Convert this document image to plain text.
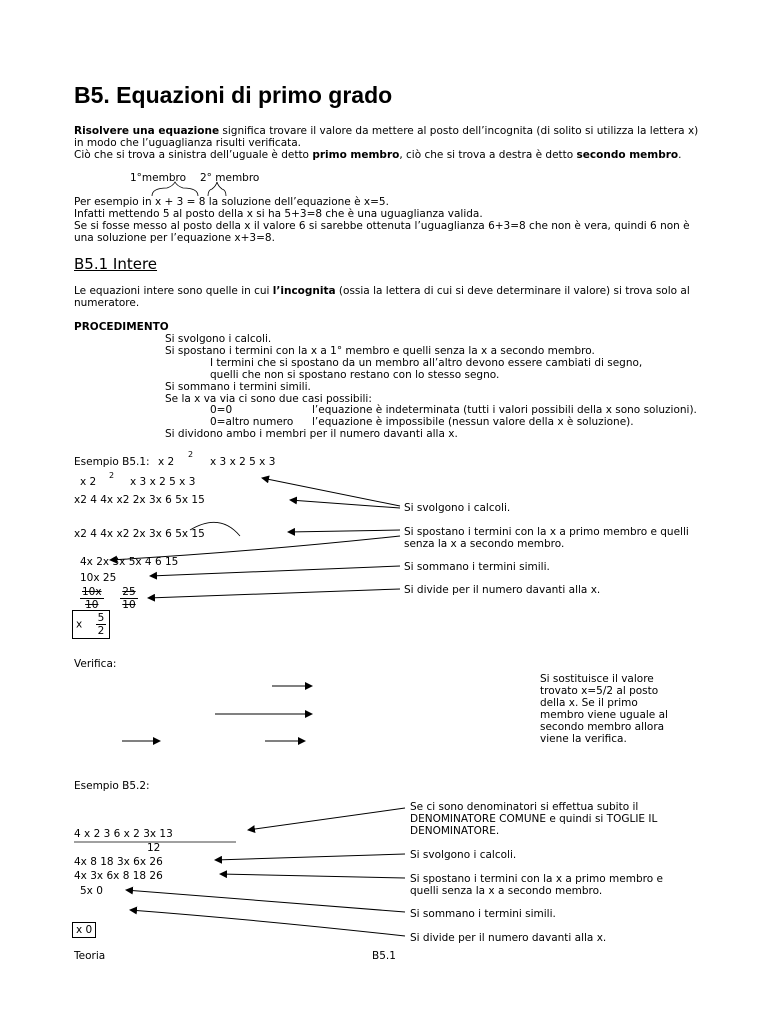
B5. Equazioni di primo grado
Risolvere una equazione significa trovare il valore da mettere al posto dell’incognita (di solito si utilizza la lettera x) in modo che l’uguaglianza risulti verificata.
Ciò che si trova a sinistra dell’uguale è detto primo membro, ciò che si trova a destra è detto secondo membro.
1°membro 2° membro
Per esempio in x + 3 = 8 la soluzione dell’equazione è x=5.
Infatti mettendo 5 al posto della x si ha 5+3=8 che è una uguaglianza valida.
Se si fosse messo al posto della x il valore 6 si sarebbe ottenuta l’uguaglianza 6+3=8 che non è vera, quindi 6 non è una soluzione per l’equazione x+3=8.
B5.1 Intere
Le equazioni intere sono quelle in cui l’incognita (ossia la lettera di cui si deve determinare il valore) si trova solo al numeratore.
PROCEDIMENTO
Si svolgono i calcoli.
Si spostano i termini con la x a 1° membro e quelli senza la x a secondo membro.
I termini che si spostano da un membro all’altro devono essere cambiati di segno,
quelli che non si spostano restano con lo stesso segno.
Si sommano i termini simili.
Se la x va via ci sono due casi possibili:
0=0	l’equazione è indeterminata (tutti i valori possibili della x sono soluzioni).
0=altro numero l’equazione è impossibile (nessun valore della x è soluzione).
Si dividono ambo i membri per il numero davanti alla x.
Esempio B5.1: x 2
2
x 3 x 2 5 x 3
x 2
2
x 3 x 2 5 x 3
x2 4 4x x2 2x 3x 6 5x 15
x2 4 4x x2 2x 3x 6 5x 15
4x 2x 3x 5x 4 6 15
10x 25
$\frac{10x}{10}$
$\frac{25}{10}$
x $\frac{5}{2}$
Si svolgono i calcoli.
Si spostano i termini con la x a primo membro e quelli senza la x a secondo membro.
Si sommano i termini simili.
Si divide per il numero davanti alla x.
Verifica:
Si sostituisce il valore trovato x=5/2 al posto della x. Se il primo membro viene uguale al secondo membro allora viene la verifica.
Esempio B5.2:
4 x 2 3 6 x 2 3x 13
12
4x 8 18 3x 6x 26
4x 3x 6x 8 18 26
5x 0
x 0
Se ci sono denominatori si effettua subito il DENOMINATORE COMUNE e quindi si TOGLIE IL DENOMINATORE.
Si svolgono i calcoli.
Si spostano i termini con la x a primo membro e quelli senza la x a secondo membro.
Si sommano i termini simili.
Si divide per il numero davanti alla x.
Teoria	B5.1
